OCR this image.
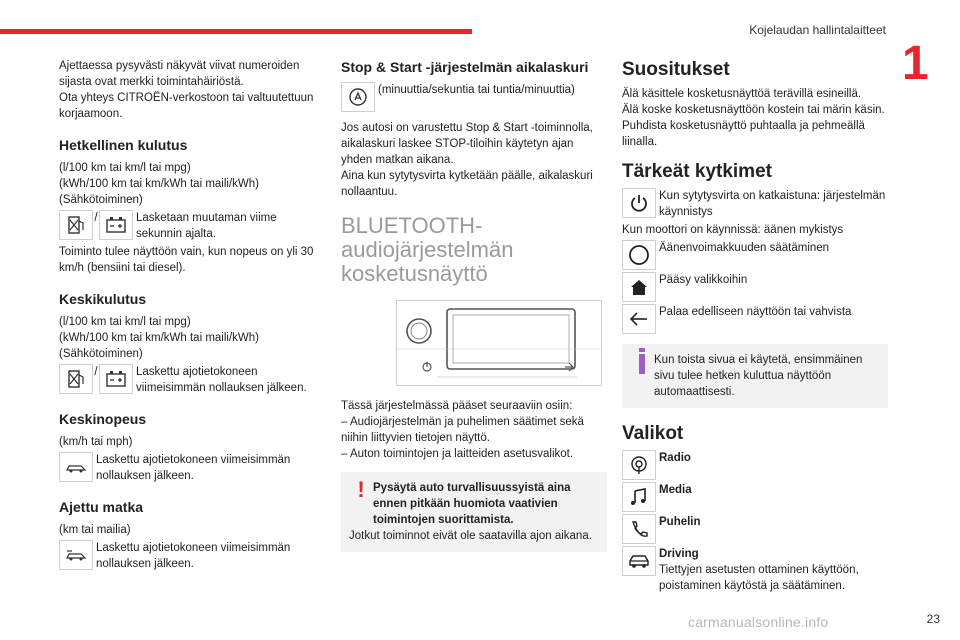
Kojelaudan hallintalaitteet
1

Ajettaessa pysyvästi näkyvät viivat numeroiden sijasta ovat merkki toimintahäiriöstä.

Ota yhteys CITROËN-verkostoon tai valtuutettuun korjaamoon.

Hetkellinen kulutus

(l/100 km tai km/l tai mpg)

(kWh/100 km tai km/kWh tai maili/kWh)

(Sähkötoiminen)

/	Lasketaan muutaman viime sekunnin ajalta.

Toiminto tulee näyttöön vain, kun nopeus on yli 30 km/h (bensiini tai diesel).

Keskikulutus

(l/100 km tai km/l tai mpg)

(kWh/100 km tai km/kWh tai maili/kWh)

(Sähkötoiminen)

/	Laskettu ajotietokoneen viimeisimmän nollauksen jälkeen.
Keskinopeus

(km/h tai mph)

Laskettu ajotietokoneen viimeisimmän nollauksen jälkeen.
Ajettu matka

(km tai mailia)

Laskettu ajotietokoneen viimeisimmän nollauksen jälkeen.
Stop & Start -järjestelmän aikalaskuri
(minuuttia/sekuntia tai tuntia/minuuttia)

Jos autosi on varustettu Stop & Start -toiminnolla, aikalaskuri laskee STOP-tiloihin käytetyn ajan yhden matkan aikana.

Aina kun sytytysvirta kytketään päälle, aikalaskuri nollaantuu.

BLUETOOTH-audiojärjestelmän kosketusnäyttö

Tässä järjestelmässä pääset seuraaviin osiin:

– Audiojärjestelmän ja puhelimen säätimet sekä niihin liittyvien tietojen näyttö.

– Auton toimintojen ja laitteiden asetusvalikot.

! Pysäytä auto turvallisuussyistä aina ennen pitkään huomiota vaativien toimintojen suorittamista.

Jotkut toiminnot eivät ole saatavilla ajon aikana.

Suositukset

Älä käsittele kosketusnäyttöä terävillä esineillä.

Älä koske kosketusnäyttöön kostein tai märin käsin.

Puhdista kosketusnäyttö puhtaalla ja pehmeällä liinalla.

Tärkeät kytkimet
Kun sytytysvirta on katkaistuna: järjestelmän käynnistys

Kun moottori on käynnissä: äänen mykistys

Äänenvoimakkuuden säätäminen
Pääsy valikkoihin
Palaa edelliseen näyttöön tai vahvista
Kun toista sivua ei käytetä, ensimmäinen sivu tulee hetken kuluttua näyttöön automaattisesti.
Valikot
Radio
Media
Puhelin
Driving

Tiettyjen asetusten ottaminen käyttöön, poistaminen käytöstä ja säätäminen.

carmanualsonline.info	23
